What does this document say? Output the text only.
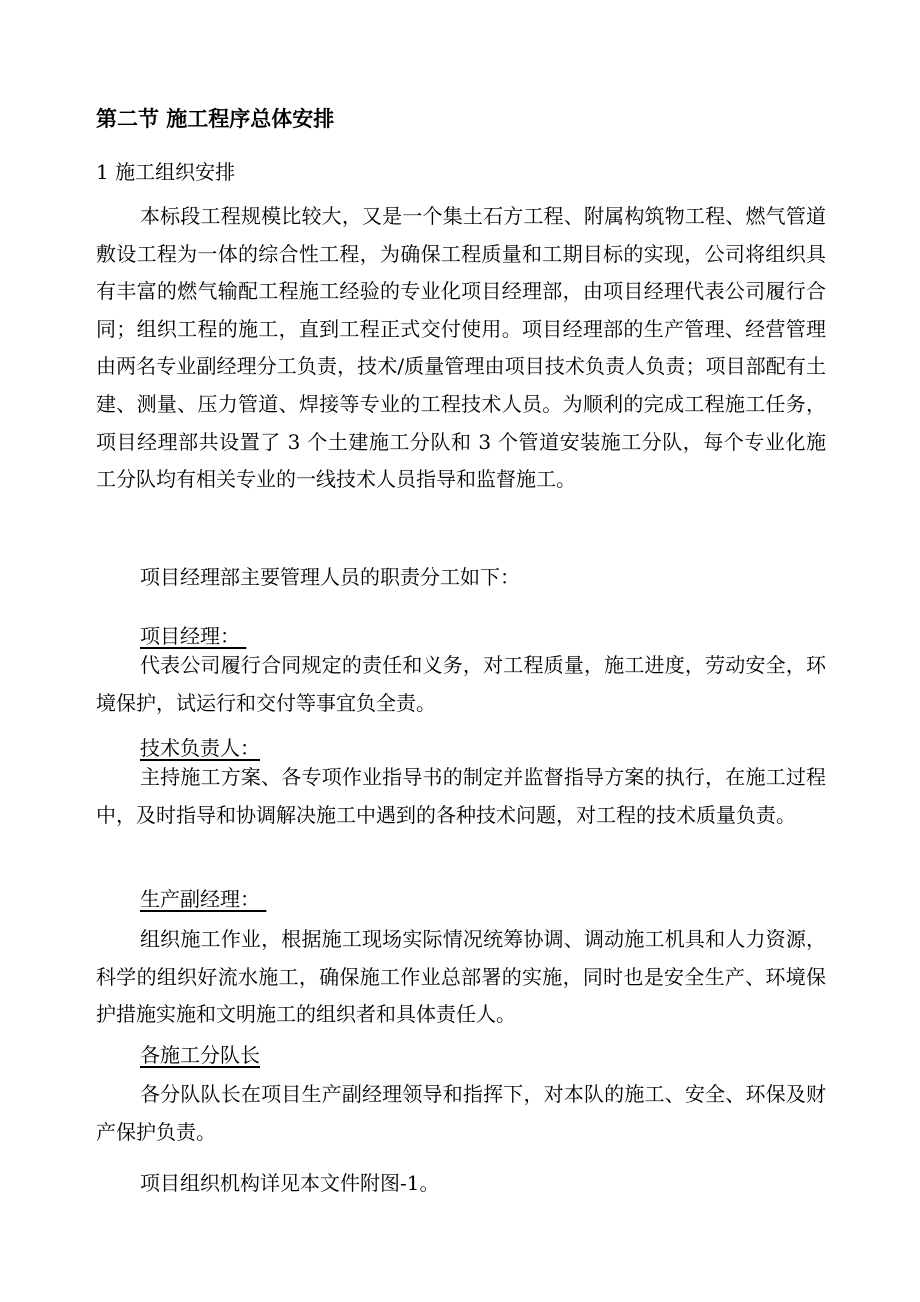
第二节 施工程序总体安排
1 施工组织安排

本标段工程规模比较大，又是一个集土石方工程、附属构筑物工程、燃气管道敷设工程为一体的综合性工程，为确保工程质量和工期目标的实现，公司将组织具有丰富的燃气输配工程施工经验的专业化项目经理部，由项目经理代表公司履行合同；组织工程的施工，直到工程正式交付使用。项目经理部的生产管理、经营管理由两名专业副经理分工负责，技术/质量管理由项目技术负责人负责；项目部配有土建、测量、压力管道、焊接等专业的工程技术人员。为顺利的完成工程施工任务，项目经理部共设置了 3 个土建施工分队和 3 个管道安装施工分队，每个专业化施工分队均有相关专业的一线技术人员指导和监督施工。

项目经理部主要管理人员的职责分工如下：
项目经理：

代表公司履行合同规定的责任和义务，对工程质量，施工进度，劳动安全，环境保护，试运行和交付等事宜负全责。

技术负责人：

主持施工方案、各专项作业指导书的制定并监督指导方案的执行，在施工过程中，及时指导和协调解决施工中遇到的各种技术问题，对工程的技术质量负责。

生产副经理：

组织施工作业，根据施工现场实际情况统筹协调、调动施工机具和人力资源，科学的组织好流水施工，确保施工作业总部署的实施，同时也是安全生产、环境保护措施实施和文明施工的组织者和具体责任人。

各施工分队长

各分队队长在项目生产副经理领导和指挥下，对本队的施工、安全、环保及财产保护负责。

项目组织机构详见本文件附图-1。
